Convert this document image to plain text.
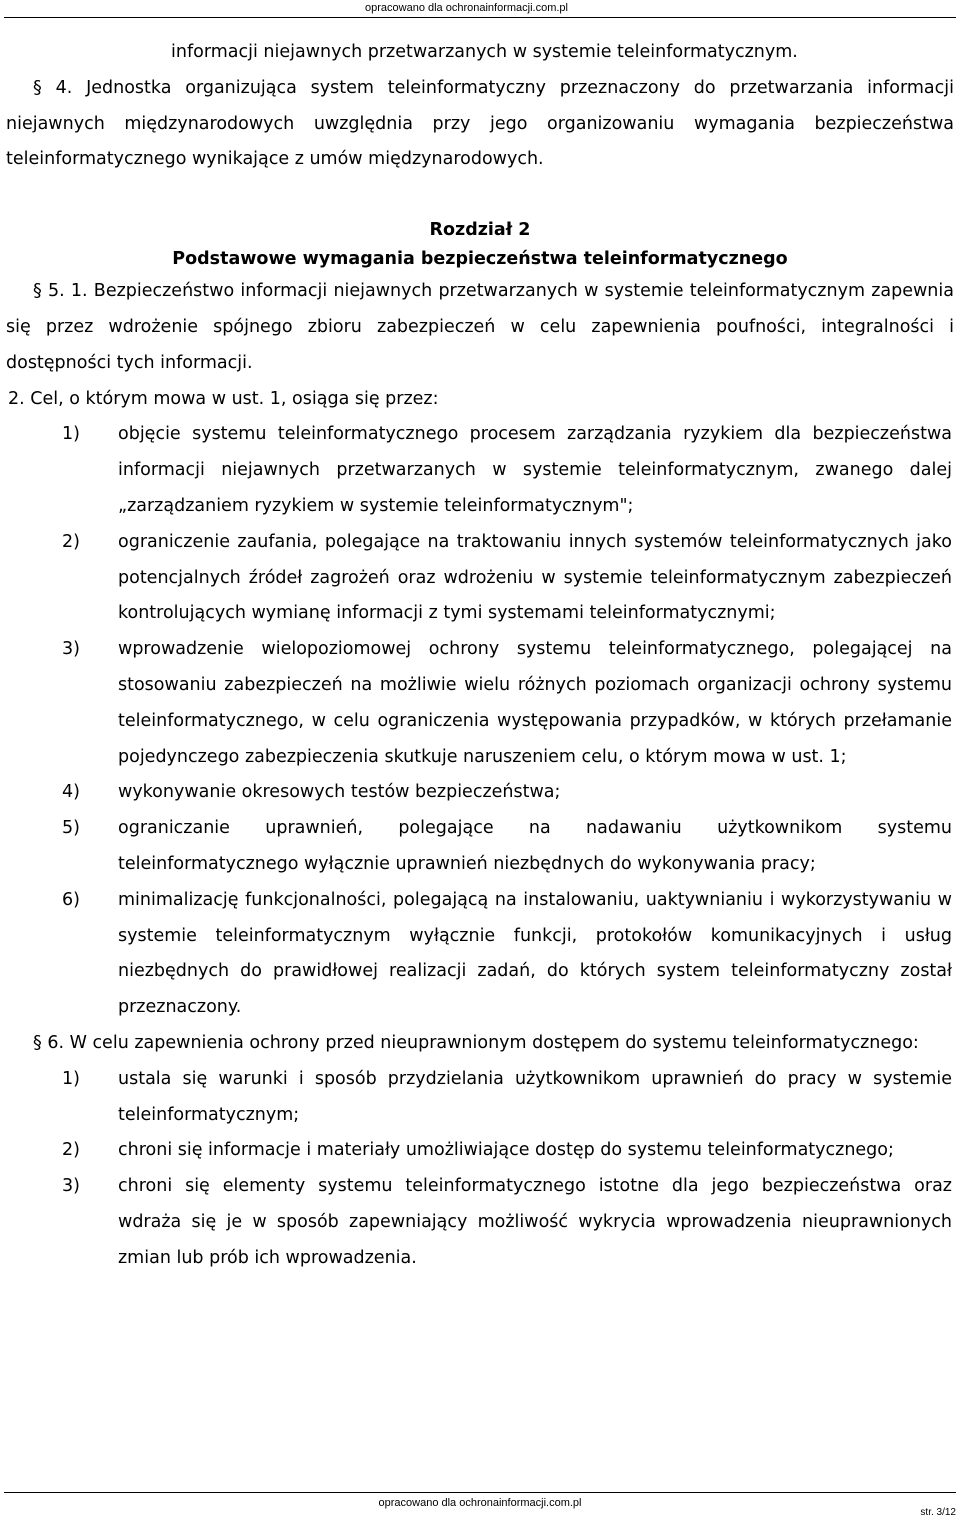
opracowano dla ochronainformacji.com.pl

informacji niejawnych przetwarzanych w systemie teleinformatycznym.

§ 4. Jednostka organizująca system teleinformatyczny przeznaczony do przetwarzania informacji niejawnych międzynarodowych uwzględnia przy jego organizowaniu wymagania bezpieczeństwa teleinformatycznego wynikające z umów międzynarodowych.

Rozdział 2
Podstawowe wymagania bezpieczeństwa teleinformatycznego

§ 5. 1. Bezpieczeństwo informacji niejawnych przetwarzanych w systemie teleinformatycznym zapewnia się przez wdrożenie spójnego zbioru zabezpieczeń w celu zapewnienia poufności, integralności i dostępności tych informacji.

2. Cel, o którym mowa w ust. 1, osiąga się przez:

1)	objęcie systemu teleinformatycznego procesem zarządzania ryzykiem dla bezpieczeństwa informacji niejawnych przetwarzanych w systemie teleinformatycznym, zwanego dalej „zarządzaniem ryzykiem w systemie teleinformatycznym";
2)	ograniczenie zaufania, polegające na traktowaniu innych systemów teleinformatycznych jako potencjalnych źródeł zagrożeń oraz wdrożeniu w systemie teleinformatycznym zabezpieczeń kontrolujących wymianę informacji z tymi systemami teleinformatycznymi;
3)	wprowadzenie wielopoziomowej ochrony systemu teleinformatycznego, polegającej na stosowaniu zabezpieczeń na możliwie wielu różnych poziomach organizacji ochrony systemu teleinformatycznego, w celu ograniczenia występowania przypadków, w których przełamanie pojedynczego zabezpieczenia skutkuje naruszeniem celu, o którym mowa w ust. 1;
4)	wykonywanie okresowych testów bezpieczeństwa;
5)	ograniczanie uprawnień, polegające na nadawaniu użytkownikom systemu teleinformatycznego wyłącznie uprawnień niezbędnych do wykonywania pracy;
6)	minimalizację funkcjonalności, polegającą na instalowaniu, uaktywnianiu i wykorzystywaniu w systemie teleinformatycznym wyłącznie funkcji, protokołów komunikacyjnych i usług niezbędnych do prawidłowej realizacji zadań, do których system teleinformatyczny został przeznaczony.

§ 6. W celu zapewnienia ochrony przed nieuprawnionym dostępem do systemu teleinformatycznego:

1)	ustala się warunki i sposób przydzielania użytkownikom uprawnień do pracy w systemie teleinformatycznym;
2)	chroni się informacje i materiały umożliwiające dostęp do systemu teleinformatycznego;
3)	chroni się elementy systemu teleinformatycznego istotne dla jego bezpieczeństwa oraz wdraża się je w sposób zapewniający możliwość wykrycia wprowadzenia nieuprawnionych zmian lub prób ich wprowadzenia.
opracowano dla ochronainformacji.com.pl
str. 3/12
